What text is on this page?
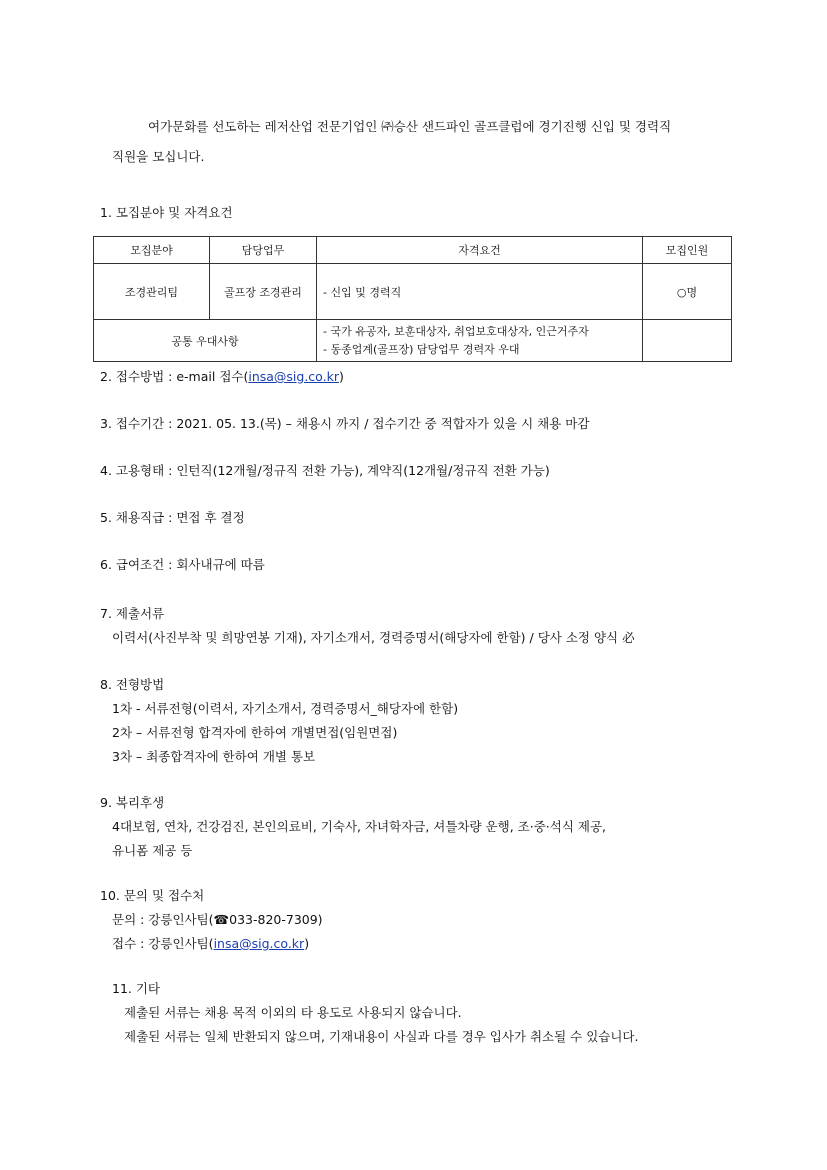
여가문화를 선도하는 레저산업 전문기업인 ㈜승산 샌드파인 골프클럽에 경기진행 신입 및 경력직
직원을 모십니다.
1. 모집분야 및 자격요건
모집분야	담당업무	자격요건	모집인원
조경관리팀	골프장 조경관리	- 신입 및 경력직	○명
공통 우대사항		- 국가 유공자, 보훈대상자, 취업보호대상자, 인근거주자
- 동종업계(골프장) 담당업무 경력자 우대	

2. 접수방법 : e-mail 접수(insa@sig.co.kr)
3. 접수기간 : 2021. 05. 13.(목) – 채용시 까지 / 접수기간 중 적합자가 있을 시 채용 마감
4. 고용형태 : 인턴직(12개월/정규직 전환 가능), 계약직(12개월/정규직 전환 가능)
5. 채용직급 : 면접 후 결정
6. 급여조건 : 회사내규에 따름
7. 제출서류
이력서(사진부착 및 희망연봉 기재), 자기소개서, 경력증명서(해당자에 한함) / 당사 소정 양식 必
8. 전형방법
1차 - 서류전형(이력서, 자기소개서, 경력증명서_해당자에 한함)
2차 – 서류전형 합격자에 한하여 개별면접(임원면접)
3차 – 최종합격자에 한하여 개별 통보
9. 복리후생
4대보험, 연차, 건강검진, 본인의료비, 기숙사, 자녀학자금, 셔틀차량 운행, 조·중·석식 제공,
유니폼 제공 등
10. 문의 및 접수처
문의 : 강릉인사팀(☎033-820-7309)
접수 : 강릉인사팀(insa@sig.co.kr)
11. 기타
제출된 서류는 채용 목적 이외의 타 용도로 사용되지 않습니다.
제출된 서류는 일체 반환되지 않으며, 기재내용이 사실과 다를 경우 입사가 취소될 수 있습니다.
